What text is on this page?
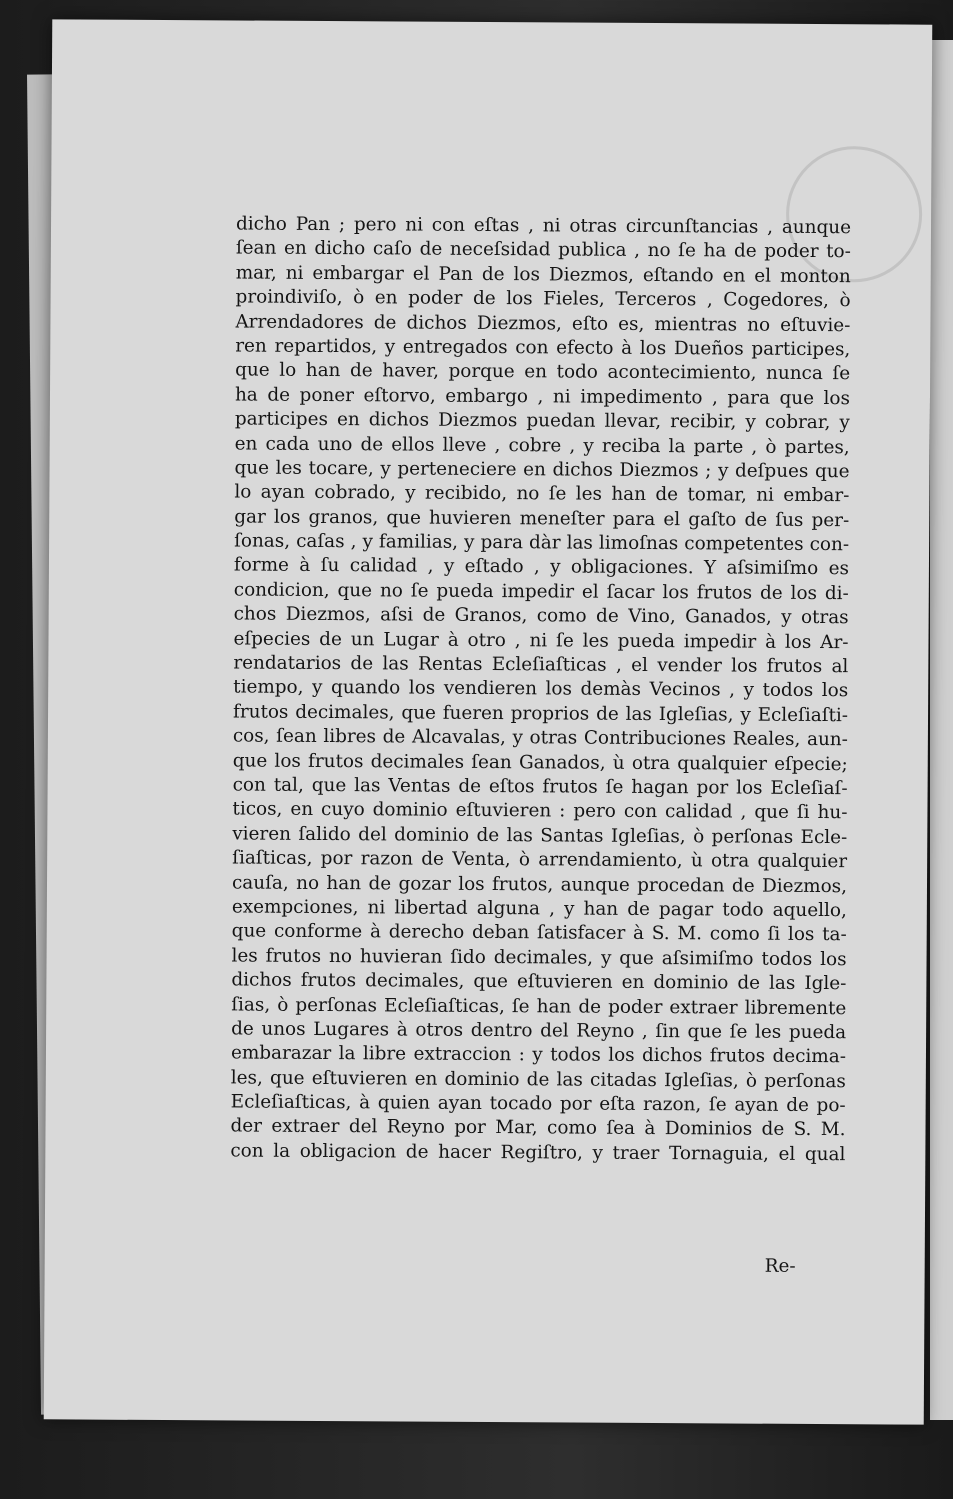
dicho Pan ; pero ni con eſtas , ni otras circunſtancias , aunque
ſean en dicho caſo de neceſsidad publica , no ſe ha de poder to-
mar, ni embargar el Pan de los Diezmos, eſtando en el monton
proindiviſo, ò en poder de los Fieles, Terceros , Cogedores, ò
Arrendadores de dichos Diezmos, eſto es, mientras no eſtuvie-
ren repartidos, y entregados con efecto à los Dueños participes,
que lo han de haver, porque en todo acontecimiento, nunca ſe
ha de poner eſtorvo, embargo , ni impedimento , para que los
participes en dichos Diezmos puedan llevar, recibir, y cobrar, y
en cada uno de ellos lleve , cobre , y reciba la parte , ò partes,
que les tocare, y perteneciere en dichos Diezmos ; y deſpues que
lo ayan cobrado, y recibido, no ſe les han de tomar, ni embar-
gar los granos, que huvieren meneſter para el gaſto de ſus per-
ſonas, caſas , y familias, y para dàr las limoſnas competentes con-
forme à ſu calidad , y eſtado , y obligaciones. Y aſsimiſmo es
condicion, que no ſe pueda impedir el ſacar los frutos de los di-
chos Diezmos, aſsi de Granos, como de Vino, Ganados, y otras
eſpecies de un Lugar à otro , ni ſe les pueda impedir à los Ar-
rendatarios de las Rentas Ecleſiaſticas , el vender los frutos al
tiempo, y quando los vendieren los demàs Vecinos , y todos los
frutos decimales, que fueren proprios de las Igleſias, y Ecleſiaſti-
cos, ſean libres de Alcavalas, y otras Contribuciones Reales, aun-
que los frutos decimales ſean Ganados, ù otra qualquier eſpecie;
con tal, que las Ventas de eſtos frutos ſe hagan por los Ecleſiaſ-
ticos, en cuyo dominio eſtuvieren : pero con calidad , que ſi hu-
vieren ſalido del dominio de las Santas Igleſias, ò perſonas Ecle-
ſiaſticas, por razon de Venta, ò arrendamiento, ù otra qualquier
cauſa, no han de gozar los frutos, aunque procedan de Diezmos,
exempciones, ni libertad alguna , y han de pagar todo aquello,
que conforme à derecho deban ſatisfacer à S. M. como ſi los ta-
les frutos no huvieran ſido decimales, y que aſsimiſmo todos los
dichos frutos decimales, que eſtuvieren en dominio de las Igle-
ſias, ò perſonas Ecleſiaſticas, ſe han de poder extraer libremente
de unos Lugares à otros dentro del Reyno , ſin que ſe les pueda
embarazar la libre extraccion : y todos los dichos frutos decima-
les, que eſtuvieren en dominio de las citadas Igleſias, ò perſonas
Ecleſiaſticas, à quien ayan tocado por eſta razon, ſe ayan de po-
der extraer del Reyno por Mar, como ſea à Dominios de S. M.
con la obligacion de hacer Regiſtro, y traer Tornaguia, el qual
Re-
